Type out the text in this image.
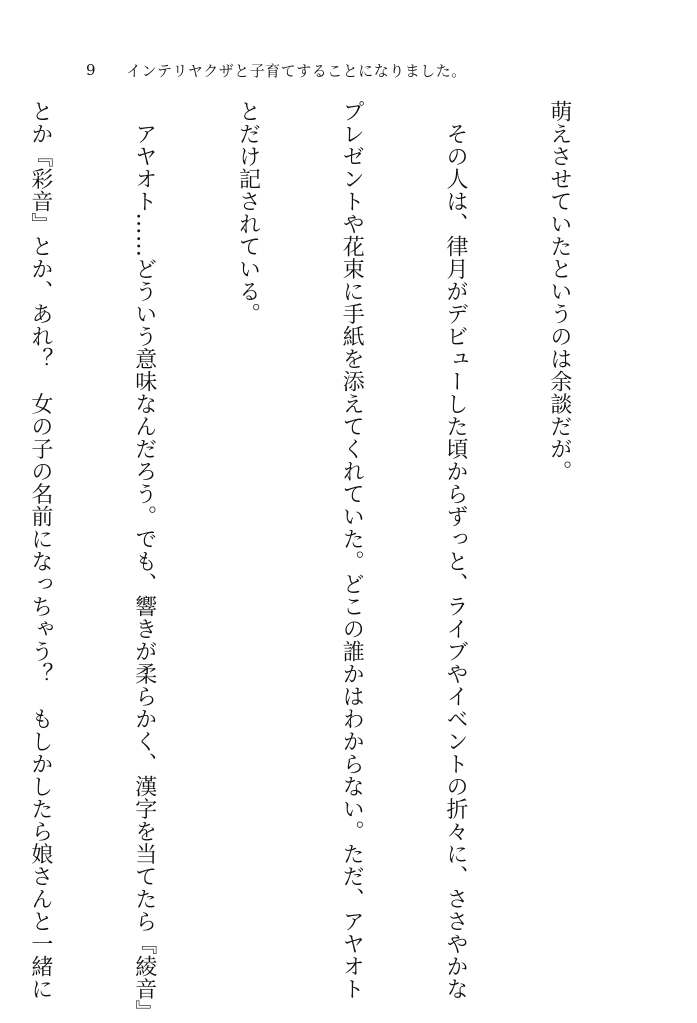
9	インテリヤクザと子育てすることになりました。

萌えさせていたというのは余談だが。

　その人は、律月がデビューした頃からずっと、ライブやイベントの折々に、ささやかな

プレゼントや花束に手紙を添えてくれていた。どこの誰かはわからない。ただ、アヤオト

とだけ記されている。

　アヤオト……どういう意味なんだろう。でも、響きが柔らかく、漢字を当てたら『綾音』

とか『彩音』とか、あれ？　女の子の名前になっちゃう？　もしかしたら娘さんと一緒に
